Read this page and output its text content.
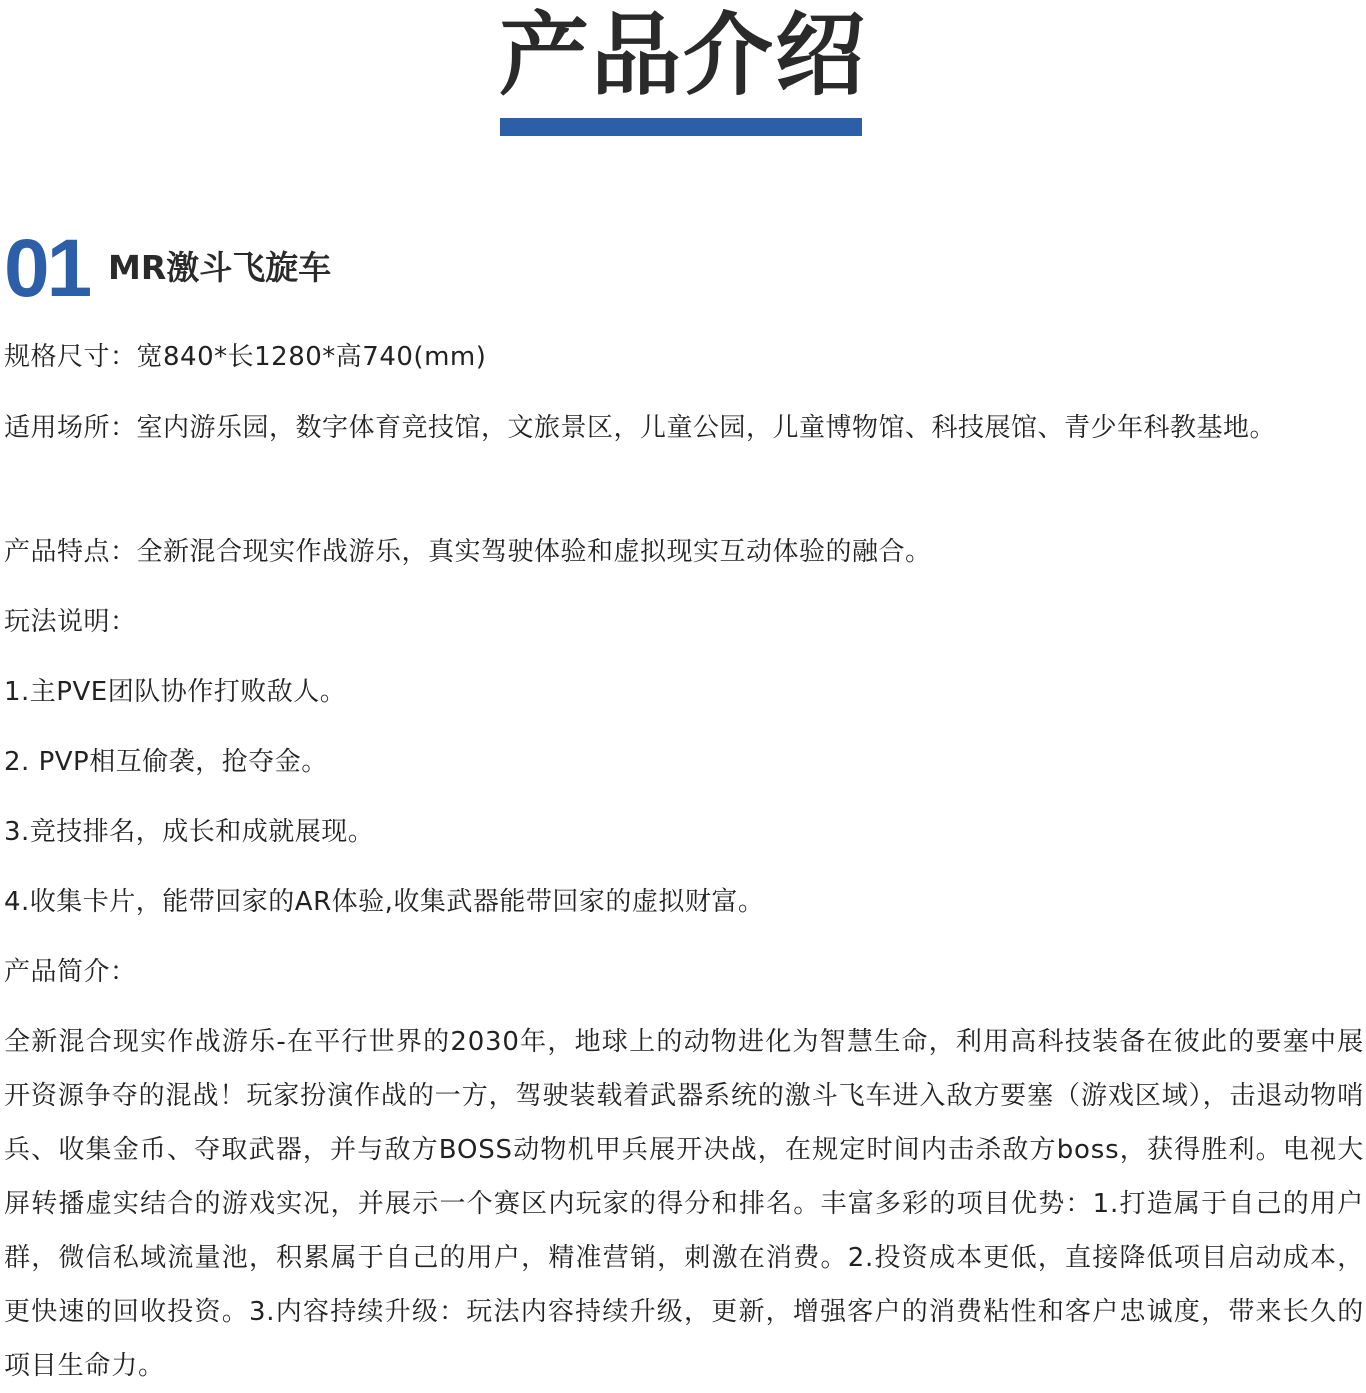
产品介绍
01 MR激斗飞旋车

规格尺寸：宽840*长1280*高740(mm)

适用场所：室内游乐园，数字体育竞技馆，文旅景区，儿童公园，儿童博物馆、科技展馆、青少年科教基地。

产品特点：全新混合现实作战游乐，真实驾驶体验和虚拟现实互动体验的融合。

玩法说明：

1.主PVE团队协作打败敌人。

2. PVP相互偷袭，抢夺金。

3.竞技排名，成长和成就展现。

4.收集卡片，能带回家的AR体验,收集武器能带回家的虚拟财富。

产品简介：

全新混合现实作战游乐-在平行世界的2030年，地球上的动物进化为智慧生命，利用高科技装备在彼此的要塞中展开资源争夺的混战！玩家扮演作战的一方，驾驶装载着武器系统的激斗飞车进入敌方要塞（游戏区域），击退动物哨兵、收集金币、夺取武器，并与敌方BOSS动物机甲兵展开决战，在规定时间内击杀敌方boss，获得胜利。电视大屏转播虚实结合的游戏实况，并展示一个赛区内玩家的得分和排名。丰富多彩的项目优势：1.打造属于自己的用户群，微信私域流量池，积累属于自己的用户，精准营销，刺激在消费。2.投资成本更低，直接降低项目启动成本，更快速的回收投资。3.内容持续升级：玩法内容持续升级，更新，增强客户的消费粘性和客户忠诚度，带来长久的项目生命力。
